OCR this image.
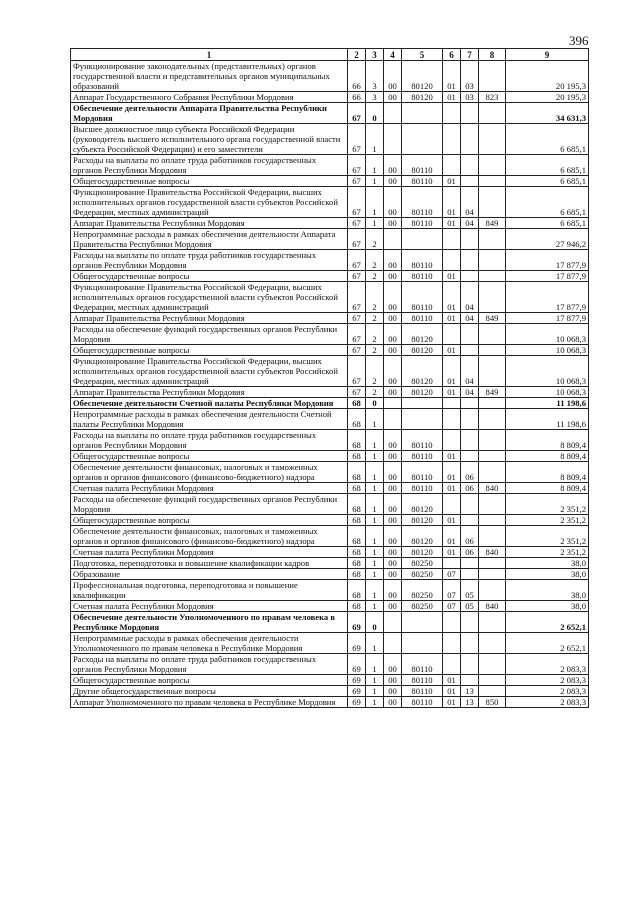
396
1	2	3	4	5	6	7	8	9
Функционирование законодательных (представительных) органов государственной власти и представительных органов муниципальных образований	66	3	00	80120	01	03		20 195,3
Аппарат Государственного Собрания Республики Мордовия	66	3	00	80120	01	03	823	20 195,3
Обеспечение деятельности Аппарата Правительства Республики Мордовия	67	0						34 631,3
Высшее должностное лицо субъекта Российской Федерации (руководитель высшего исполнительного органа государственной власти субъекта Российской Федерации) и его заместители	67	1						6 685,1
Расходы на выплаты по оплате труда работников государственных органов Республики Мордовия	67	1	00	80110				6 685,1
Общегосударственные вопросы	67	1	00	80110	01			6 685,1
Функционирование Правительства Российской Федерации, высших исполнительных органов государственной власти субъектов Российской Федерации, местных администраций	67	1	00	80110	01	04		6 685,1
Аппарат Правительства Республики Мордовия	67	1	00	80110	01	04	849	6 685,1
Непрограммные расходы в рамках обеспечения деятельности Аппарата Правительства Республики Мордовия	67	2						27 946,2
Расходы на выплаты по оплате труда работников государственных органов Республики Мордовия	67	2	00	80110				17 877,9
Общегосударственные вопросы	67	2	00	80110	01			17 877,9
Функционирование Правительства Российской Федерации, высших исполнительных органов государственной власти субъектов Российской Федерации, местных администраций	67	2	00	80110	01	04		17 877,9
Аппарат Правительства Республики Мордовия	67	2	00	80110	01	04	849	17 877,9
Расходы на обеспечение функций государственных органов Республики Мордовия	67	2	00	80120				10 068,3
Общегосударственные вопросы	67	2	00	80120	01			10 068,3
Функционирование Правительства Российской Федерации, высших исполнительных органов государственной власти субъектов Российской Федерации, местных администраций	67	2	00	80120	01	04		10 068,3
Аппарат Правительства Республики Мордовия	67	2	00	80120	01	04	849	10 068,3
Обеспечение деятельности Счетной палаты Республики Мордовия	68	0						11 198,6
Непрограммные расходы в рамках обеспечения деятельности Счетной палаты Республики Мордовия	68	1						11 198,6
Расходы на выплаты по оплате труда работников государственных органов Республики Мордовия	68	1	00	80110				8 809,4
Общегосударственные вопросы	68	1	00	80110	01			8 809,4
Обеспечение деятельности финансовых, налоговых и таможенных органов и органов финансового (финансово-бюджетного) надзора	68	1	00	80110	01	06		8 809,4
Счетная палата Республики Мордовия	68	1	00	80110	01	06	840	8 809,4
Расходы на обеспечение функций государственных органов Республики Мордовия	68	1	00	80120				2 351,2
Общегосударственные вопросы	68	1	00	80120	01			2 351,2
Обеспечение деятельности финансовых, налоговых и таможенных органов и органов финансового (финансово-бюджетного) надзора	68	1	00	80120	01	06		2 351,2
Счетная палата Республики Мордовия	68	1	00	80120	01	06	840	2 351,2
Подготовка, переподготовка и повышение квалификации кадров	68	1	00	80250				38,0
Образование	68	1	00	80250	07			38,0
Профессиональная подготовка, переподготовка и повышение квалификации	68	1	00	80250	07	05		38,0
Счетная палата Республики Мордовия	68	1	00	80250	07	05	840	38,0
Обеспечение деятельности Уполномоченного по правам человека в Республике Мордовия	69	0						2 652,1
Непрограммные расходы в рамках обеспечения деятельности Уполномоченного по правам человека в Республике Мордовия	69	1						2 652,1
Расходы на выплаты по оплате труда работников государственных органов Республики Мордовия	69	1	00	80110				2 083,3
Общегосударственные вопросы	69	1	00	80110	01			2 083,3
Другие общегосударственные вопросы	69	1	00	80110	01	13		2 083,3
Аппарат Уполномоченного по правам человека в Республике Мордовия	69	1	00	80110	01	13	850	2 083,3
